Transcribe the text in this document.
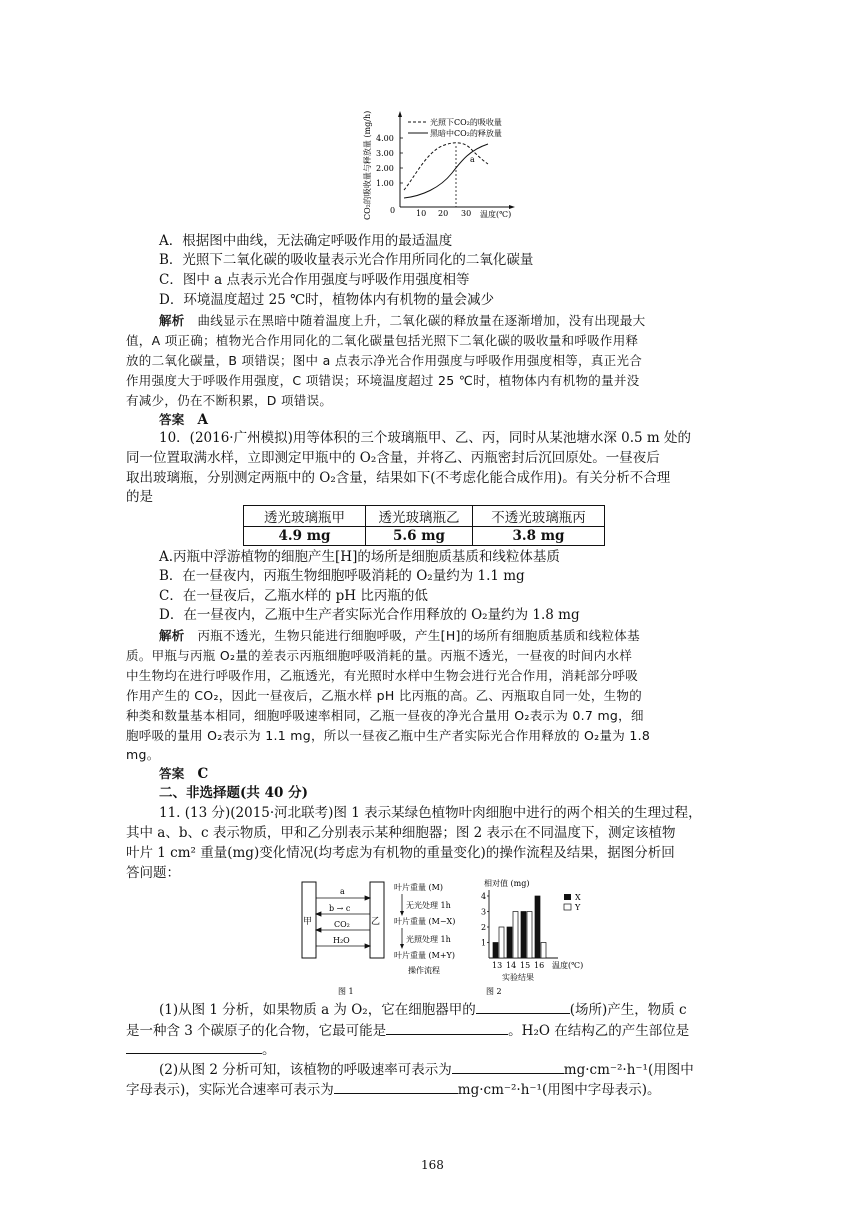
CO₂的吸收量与释放量 (mg/h) 4.00
3.00
2.00
1.00
0	10 20 30 温度(℃)
光照下CO₂的吸收量
黑暗中CO₂的释放量
a
A．根据图中曲线，无法确定呼吸作用的最适温度
B．光照下二氧化碳的吸收量表示光合作用所同化的二氧化碳量
C．图中 a 点表示光合作用强度与呼吸作用强度相等
D．环境温度超过 25 ℃时，植物体内有机物的量会减少
解析 曲线显示在黑暗中随着温度上升，二氧化碳的释放量在逐渐增加，没有出现最大
值，A 项正确；植物光合作用同化的二氧化碳量包括光照下二氧化碳的吸收量和呼吸作用释
放的二氧化碳量，B 项错误；图中 a 点表示净光合作用强度与呼吸作用强度相等，真正光合
作用强度大于呼吸作用强度，C 项错误；环境温度超过 25 ℃时，植物体内有机物的量并没
有减少，仍在不断积累，D 项错误。
答案 A
10．(2016·广州模拟)用等体积的三个玻璃瓶甲、乙、丙，同时从某池塘水深 0.5 m 处的
同一位置取满水样，立即测定甲瓶中的 O₂含量，并将乙、丙瓶密封后沉回原处。一昼夜后
取出玻璃瓶，分别测定两瓶中的 O₂含量，结果如下(不考虑化能合成作用)。有关分析不合理
的是
透光玻璃瓶甲	透光玻璃瓶乙	不透光玻璃瓶丙
4.9 mg	5.6 mg	3.8 mg
A.丙瓶中浮游植物的细胞产生[H]的场所是细胞质基质和线粒体基质
B．在一昼夜内，丙瓶生物细胞呼吸消耗的 O₂量约为 1.1 mg
C．在一昼夜后，乙瓶水样的 pH 比丙瓶的低
D．在一昼夜内，乙瓶中生产者实际光合作用释放的 O₂量约为 1.8 mg
解析 丙瓶不透光，生物只能进行细胞呼吸，产生[H]的场所有细胞质基质和线粒体基
质。甲瓶与丙瓶 O₂量的差表示丙瓶细胞呼吸消耗的量。丙瓶不透光，一昼夜的时间内水样
中生物均在进行呼吸作用，乙瓶透光，有光照时水样中生物会进行光合作用，消耗部分呼吸
作用产生的 CO₂，因此一昼夜后，乙瓶水样 pH 比丙瓶的高。乙、丙瓶取自同一处，生物的
种类和数量基本相同，细胞呼吸速率相同，乙瓶一昼夜的净光合量用 O₂表示为 0.7 mg，细
胞呼吸的量用 O₂表示为 1.1 mg，所以一昼夜乙瓶中生产者实际光合作用释放的 O₂量为 1.8
mg。
答案 C
二、非选择题(共 40 分)
11. (13 分)(2015·河北联考)图 1 表示某绿色植物叶肉细胞中进行的两个相关的生理过程，
其中 a、b、c 表示物质，甲和乙分别表示某种细胞器；图 2 表示在不同温度下，测定该植物
叶片 1 cm² 重量(mg)变化情况(均考虑为有机物的重量变化)的操作流程及结果，据图分析回
答问题：
甲	乙
a
b → c
CO₂
H₂O
图 1
叶片重量 (M)
无光处理 1h
叶片重量 (M−X)
光照处理 1h
叶片重量 (M+Y)
操作流程
相对值 (mg)
温度(℃)
X
Y
1
2
3
4
13 14 15 16
实验结果
图 2
(1)从图 1 分析，如果物质 a 为 O₂，它在细胞器甲的	(场所)产生，物质 c
是一种含 3 个碳原子的化合物，它最可能是	。H₂O 在结构乙的产生部位是
。
(2)从图 2 分析可知，该植物的呼吸速率可表示为	mg·cm⁻²·h⁻¹(用图中
字母表示)，实际光合速率可表示为	mg·cm⁻²·h⁻¹(用图中字母表示)。
168
